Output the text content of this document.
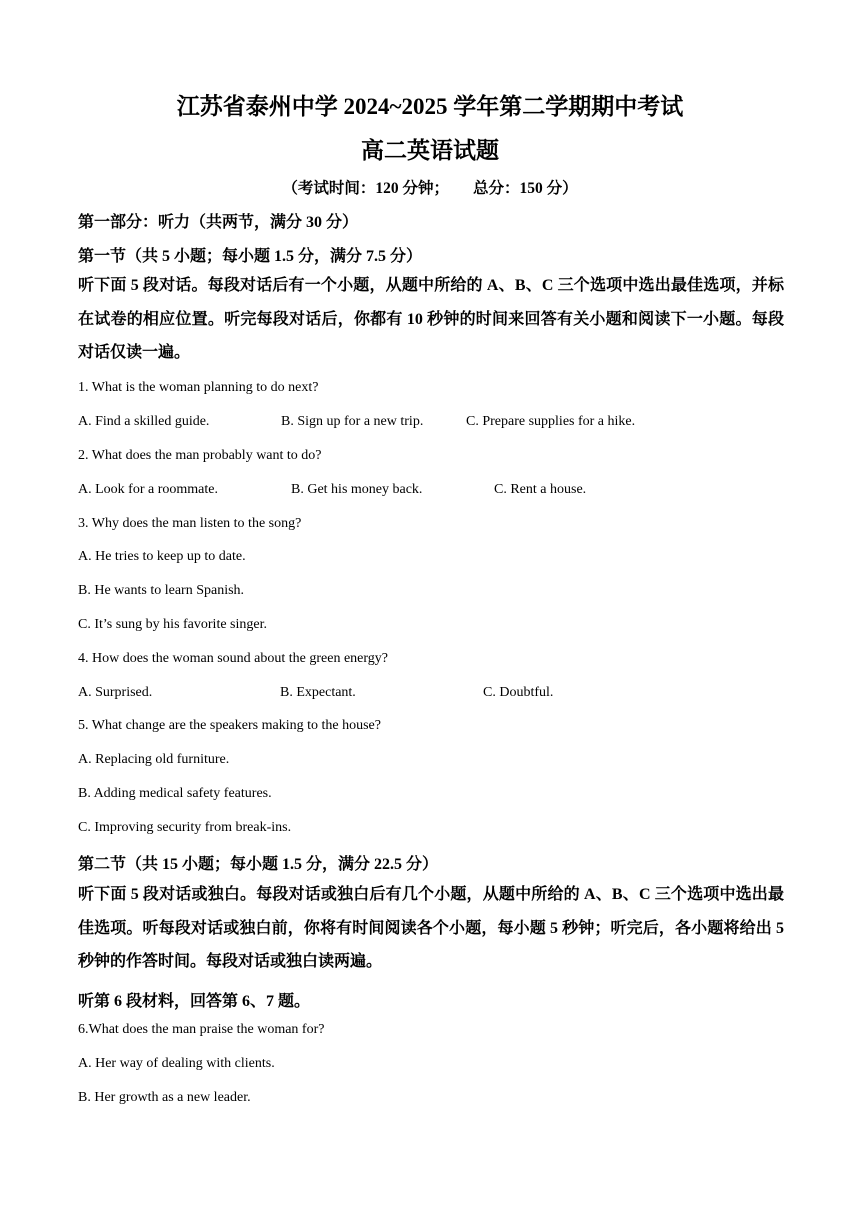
江苏省泰州中学 2024~2025 学年第二学期期中考试
高二英语试题
（考试时间：120 分钟； 总分：150 分）
第一部分：听力（共两节，满分 30 分）
第一节（共 5 小题；每小题 1.5 分，满分 7.5 分）
听下面 5 段对话。每段对话后有一个小题，从题中所给的 A、B、C 三个选项中选出最佳选项，并标在试卷的相应位置。听完每段对话后，你都有 10 秒钟的时间来回答有关小题和阅读下一小题。每段对话仅读一遍。
1. What is the woman planning to do next?
A. Find a skilled guide.	B. Sign up for a new trip.	C. Prepare supplies for a hike.
2. What does the man probably want to do?
A. Look for a roommate.	B. Get his money back.	C. Rent a house.
3. Why does the man listen to the song?
A. He tries to keep up to date.
B. He wants to learn Spanish.
C. It’s sung by his favorite singer.
4. How does the woman sound about the green energy?
A. Surprised.	B. Expectant.	C. Doubtful.
5. What change are the speakers making to the house?
A. Replacing old furniture.
B. Adding medical safety features.
C. Improving security from break-ins.
第二节（共 15 小题；每小题 1.5 分，满分 22.5 分）
听下面 5 段对话或独白。每段对话或独白后有几个小题，从题中所给的 A、B、C 三个选项中选出最佳选项。听每段对话或独白前，你将有时间阅读各个小题，每小题 5 秒钟；听完后，各小题将给出 5 秒钟的作答时间。每段对话或独白读两遍。
听第 6 段材料，回答第 6、7 题。
6.What does the man praise the woman for?
A. Her way of dealing with clients.
B. Her growth as a new leader.
